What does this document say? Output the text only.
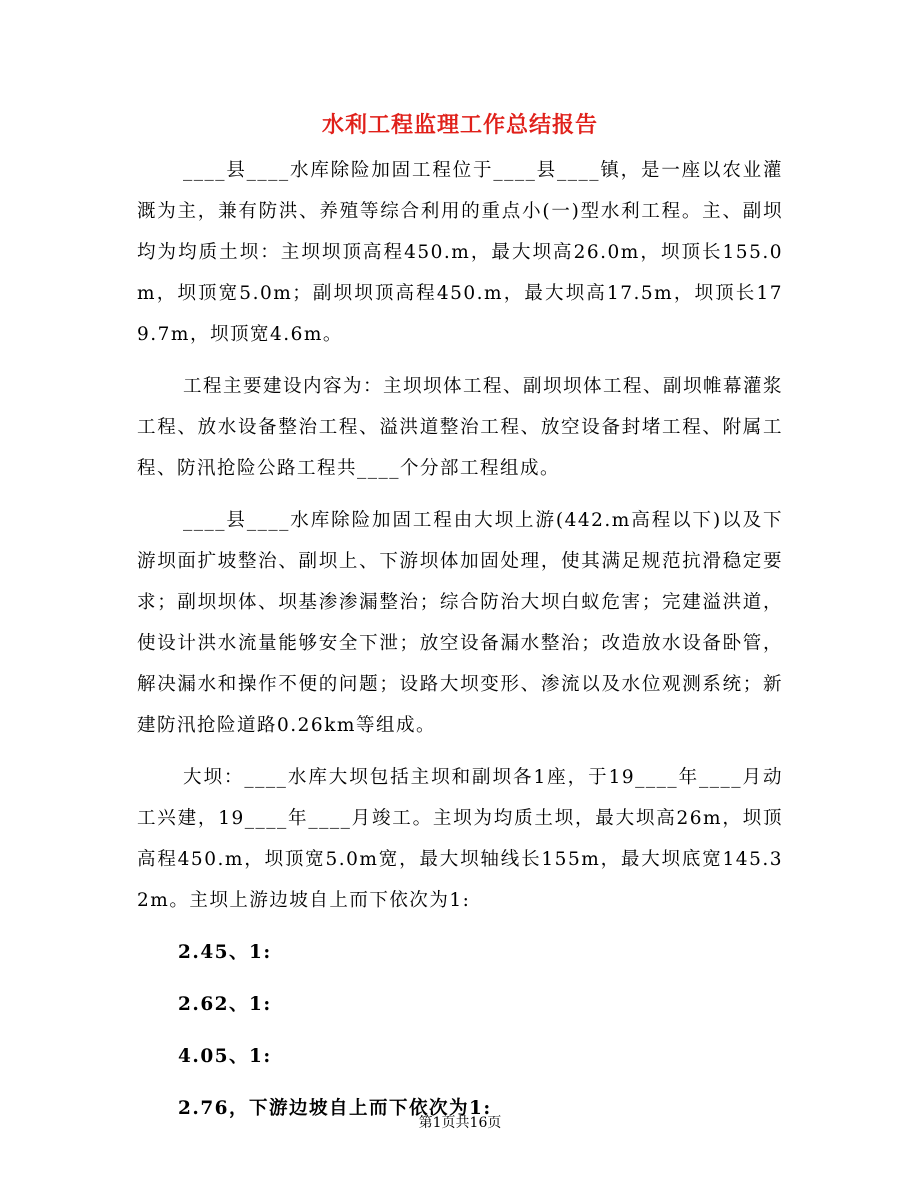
水利工程监理工作总结报告

____县____水库除险加固工程位于____县____镇，是一座以农业灌溉为主，兼有防洪、养殖等综合利用的重点小(一)型水利工程。主、副坝均为均质土坝：主坝坝顶高程450.m，最大坝高26.0m，坝顶长155.0m，坝顶宽5.0m；副坝坝顶高程450.m，最大坝高17.5m，坝顶长179.7m，坝顶宽4.6m。

工程主要建设内容为：主坝坝体工程、副坝坝体工程、副坝帷幕灌浆工程、放水设备整治工程、溢洪道整治工程、放空设备封堵工程、附属工程、防汛抢险公路工程共____个分部工程组成。

____县____水库除险加固工程由大坝上游(442.m高程以下)以及下游坝面扩坡整治、副坝上、下游坝体加固处理，使其满足规范抗滑稳定要求；副坝坝体、坝基渗渗漏整治；综合防治大坝白蚁危害；完建溢洪道，使设计洪水流量能够安全下泄；放空设备漏水整治；改造放水设备卧管，解决漏水和操作不便的问题；设路大坝变形、渗流以及水位观测系统；新建防汛抢险道路0.26km等组成。

大坝：____水库大坝包括主坝和副坝各1座，于19____年____月动工兴建，19____年____月竣工。主坝为均质土坝，最大坝高26m，坝顶高程450.m，坝顶宽5.0m宽，最大坝轴线长155m，最大坝底宽145.32m。主坝上游边坡自上而下依次为1:

2.45、1:

2.62、1:

4.05、1:

2.76，下游边坡自上而下依次为1:

第1页共16页
